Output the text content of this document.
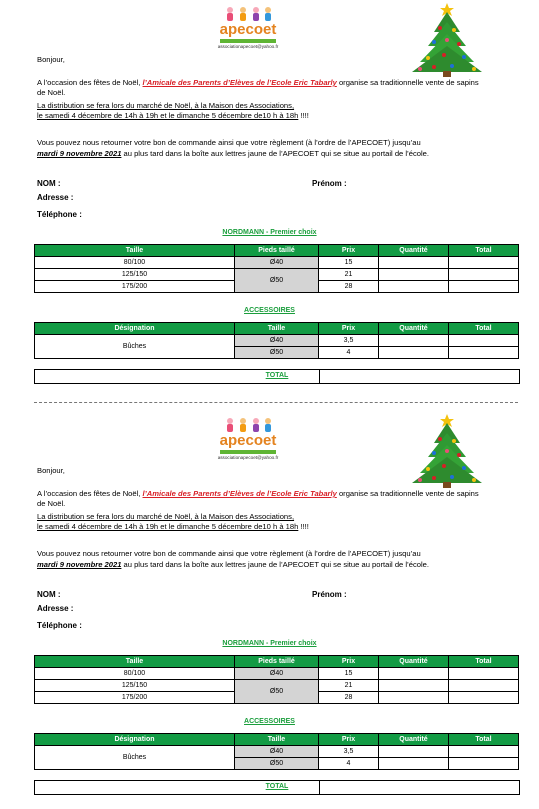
apecoet
associationapecoet@yahoo.fr
Bonjour,
A l’occasion des fêtes de Noël, l’Amicale des Parents d’Elèves de l’Ecole Eric Tabarly organise sa traditionnelle vente de sapins
de Noël.
La distribution se fera lors du marché de Noël, à la Maison des Associations,
le samedi 4 décembre de 14h à 19h et le dimanche 5 décembre de10 h à 18h !!!!
Vous pouvez nous retourner votre bon de commande ainsi que votre règlement (à l’ordre de l’APECOET) jusqu’au
mardi 9 novembre 2021 au plus tard dans la boîte aux lettres jaune de l’APECOET qui se situe au portail de l’école.
NOM :	Prénom :
Adresse :
Téléphone :
NORDMANN - Premier choix
Taille	Pieds taillé	Prix	Quantité	Total
80/100	Ø40	15		
125/150	Ø50	21		
175/200		28		
ACCESSOIRES
Désignation	Taille	Prix	Quantité	Total
Bûches	Ø40	3,5		
	Ø50	4		
TOTAL
apecoet
associationapecoet@yahoo.fr
Bonjour,
A l’occasion des fêtes de Noël, l’Amicale des Parents d’Elèves de l’Ecole Eric Tabarly organise sa traditionnelle vente de sapins
de Noël.
La distribution se fera lors du marché de Noël, à la Maison des Associations,
le samedi 4 décembre de 14h à 19h et le dimanche 5 décembre de10 h à 18h !!!!
Vous pouvez nous retourner votre bon de commande ainsi que votre règlement (à l’ordre de l’APECOET) jusqu’au
mardi 9 novembre 2021 au plus tard dans la boîte aux lettres jaune de l’APECOET qui se situe au portail de l’école.
NOM :	Prénom :
Adresse :
Téléphone :
NORDMANN - Premier choix
Taille	Pieds taillé	Prix	Quantité	Total
80/100	Ø40	15		
125/150	Ø50	21		
175/200		28		
ACCESSOIRES
Désignation	Taille	Prix	Quantité	Total
Bûches	Ø40	3,5		
	Ø50	4		
TOTAL
